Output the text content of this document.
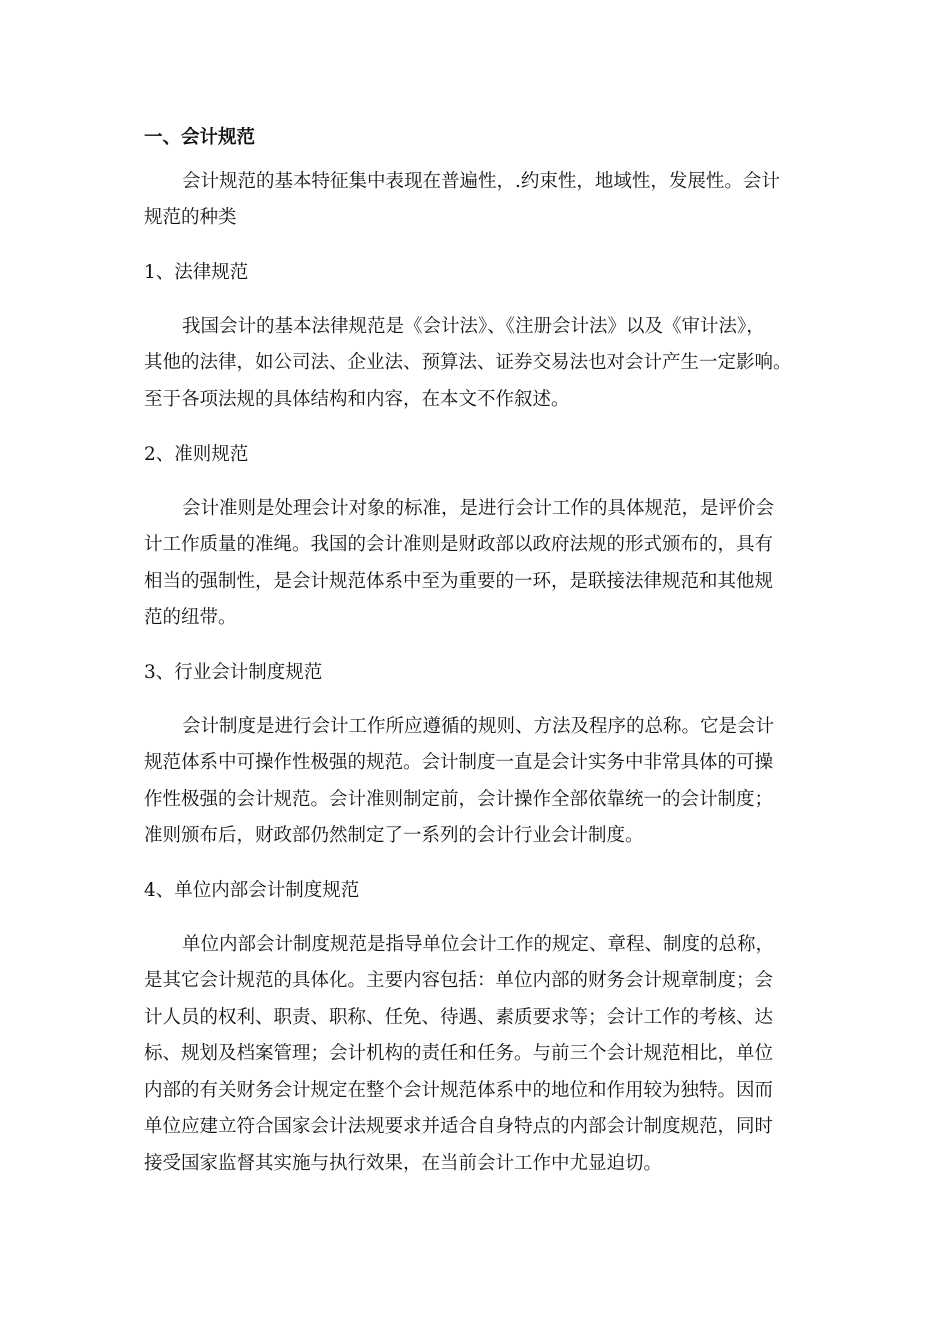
一、会计规范
会计规范的基本特征集中表现在普遍性，.约束性，地域性，发展性。会计
规范的种类
1、法律规范
我国会计的基本法律规范是《会计法》、《注册会计法》以及《审计法》，
其他的法律，如公司法、企业法、预算法、证券交易法也对会计产生一定影响。
至于各项法规的具体结构和内容，在本文不作叙述。
2、准则规范
会计准则是处理会计对象的标准，是进行会计工作的具体规范，是评价会
计工作质量的准绳。我国的会计准则是财政部以政府法规的形式颁布的，具有
相当的强制性，是会计规范体系中至为重要的一环，是联接法律规范和其他规
范的纽带。
3、行业会计制度规范
会计制度是进行会计工作所应遵循的规则、方法及程序的总称。它是会计
规范体系中可操作性极强的规范。会计制度一直是会计实务中非常具体的可操
作性极强的会计规范。会计准则制定前，会计操作全部依靠统一的会计制度；
准则颁布后，财政部仍然制定了一系列的会计行业会计制度。
4、单位内部会计制度规范
单位内部会计制度规范是指导单位会计工作的规定、章程、制度的总称，
是其它会计规范的具体化。主要内容包括：单位内部的财务会计规章制度；会
计人员的权利、职责、职称、任免、待遇、素质要求等；会计工作的考核、达
标、规划及档案管理；会计机构的责任和任务。与前三个会计规范相比，单位
内部的有关财务会计规定在整个会计规范体系中的地位和作用较为独特。因而
单位应建立符合国家会计法规要求并适合自身特点的内部会计制度规范，同时
接受国家监督其实施与执行效果，在当前会计工作中尤显迫切。
